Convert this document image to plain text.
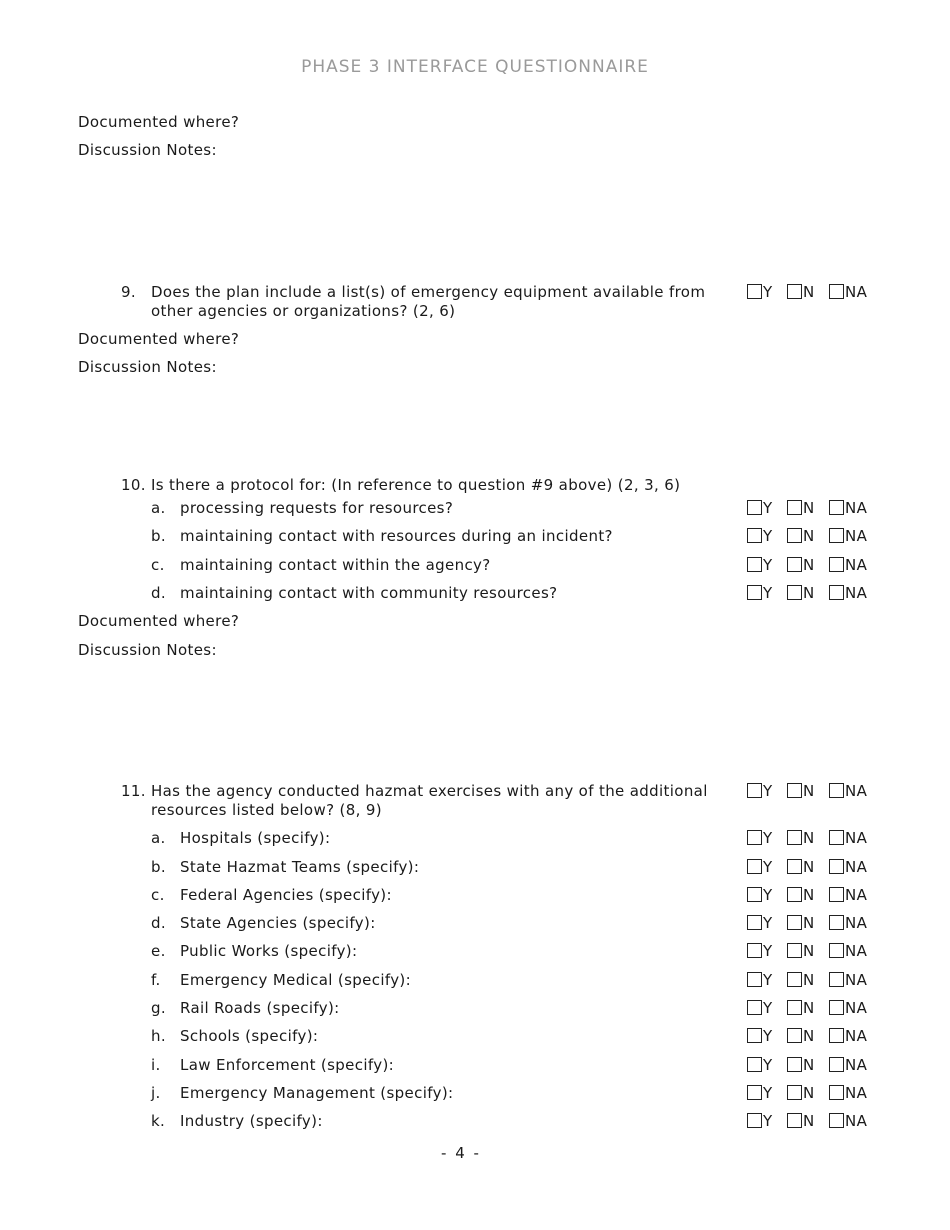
PHASE 3 INTERFACE QUESTIONNAIRE
Documented where?
Discussion Notes:
9. Does the plan include a list(s) of emergency equipment available from
other agencies or organizations? (2, 6)
Documented where?
Discussion Notes:
10. Is there a protocol for: (In reference to question #9 above) (2, 3, 6)
a. processing requests for resources?
b. maintaining contact with resources during an incident?
c. maintaining contact within the agency?
d. maintaining contact with community resources?
Documented where?
Discussion Notes:
11. Has the agency conducted hazmat exercises with any of the additional
resources listed below? (8, 9)
a. Hospitals (specify):
b. State Hazmat Teams (specify):
c. Federal Agencies (specify):
d. State Agencies (specify):
e. Public Works (specify):
f. Emergency Medical (specify):
g. Rail Roads (specify):
h. Schools (specify):
i. Law Enforcement (specify):
j. Emergency Management (specify):
k. Industry (specify):
- 4 -
Y N NA
Y N NA
Y N NA
Y N NA
Y N NA
Y N NA
Y N NA
Y N NA
Y N NA
Y N NA
Y N NA
Y N NA
Y N NA
Y N NA
Y N NA
Y N NA
Y N NA
